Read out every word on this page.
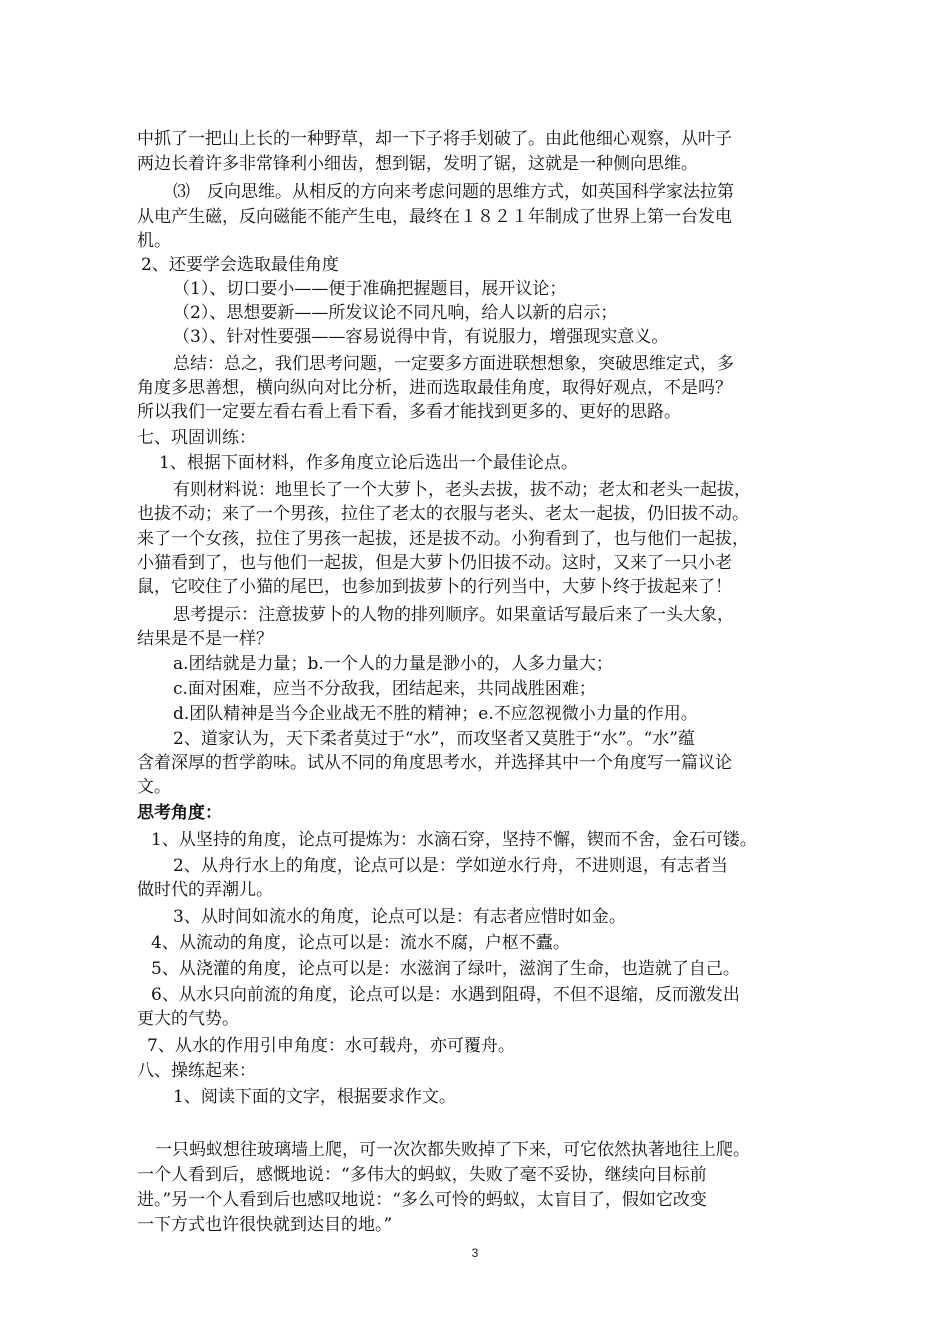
中抓了一把山上长的一种野草，却一下子将手划破了。由此他细心观察，从叶子
两边长着许多非常锋利小细齿，想到锯，发明了锯，这就是一种侧向思维。
⑶　反向思维。从相反的方向来考虑问题的思维方式，如英国科学家法拉第
从电产生磁，反向磁能不能产生电，最终在１８２１年制成了世界上第一台发电
机。
2、还要学会选取最佳角度
（1）、切口要小——便于准确把握题目，展开议论；
（2）、思想要新——所发议论不同凡响，给人以新的启示；
（3）、针对性要强——容易说得中肯，有说服力，增强现实意义。
总结：总之，我们思考问题，一定要多方面进联想想象，突破思维定式，多
角度多思善想，横向纵向对比分析，进而选取最佳角度，取得好观点，不是吗？
所以我们一定要左看右看上看下看，多看才能找到更多的、更好的思路。
七、巩固训练：
1、根据下面材料，作多角度立论后选出一个最佳论点。
有则材料说：地里长了一个大萝卜，老头去拔，拔不动；老太和老头一起拔，
也拔不动；来了一个男孩，拉住了老太的衣服与老头、老太一起拔，仍旧拔不动。
来了一个女孩，拉住了男孩一起拔，还是拔不动。小狗看到了，也与他们一起拔，
小猫看到了，也与他们一起拔，但是大萝卜仍旧拔不动。这时，又来了一只小老
鼠，它咬住了小猫的尾巴，也参加到拔萝卜的行列当中，大萝卜终于拔起来了！
思考提示：注意拔萝卜的人物的排列顺序。如果童话写最后来了一头大象，
结果是不是一样？
a.团结就是力量；b.一个人的力量是渺小的，人多力量大；
c.面对困难，应当不分敌我，团结起来，共同战胜困难；
d.团队精神是当今企业战无不胜的精神；e.不应忽视微小力量的作用。
2、道家认为，天下柔者莫过于“水”，而攻坚者又莫胜于“水”。“水”蕴
含着深厚的哲学韵味。试从不同的角度思考水，并选择其中一个角度写一篇议论
文。
思考角度：
1、从坚持的角度，论点可提炼为：水滴石穿，坚持不懈，锲而不舍，金石可镂。
2、从舟行水上的角度，论点可以是：学如逆水行舟，不进则退，有志者当
做时代的弄潮儿。
3、从时间如流水的角度，论点可以是：有志者应惜时如金。
4、从流动的角度，论点可以是：流水不腐，户枢不蠹。
5、从浇灌的角度，论点可以是：水滋润了绿叶，滋润了生命，也造就了自己。
6、从水只向前流的角度，论点可以是：水遇到阻碍，不但不退缩，反而激发出
更大的气势。
7、从水的作用引申角度：水可载舟，亦可覆舟。
八、操练起来：
1、阅读下面的文字，根据要求作文。
一只蚂蚁想往玻璃墙上爬，可一次次都失败掉了下来，可它依然执著地往上爬。
一个人看到后，感慨地说：“多伟大的蚂蚁，失败了毫不妥协，继续向目标前
进。”另一个人看到后也感叹地说：“多么可怜的蚂蚁，太盲目了，假如它改变
一下方式也许很快就到达目的地。”
3
